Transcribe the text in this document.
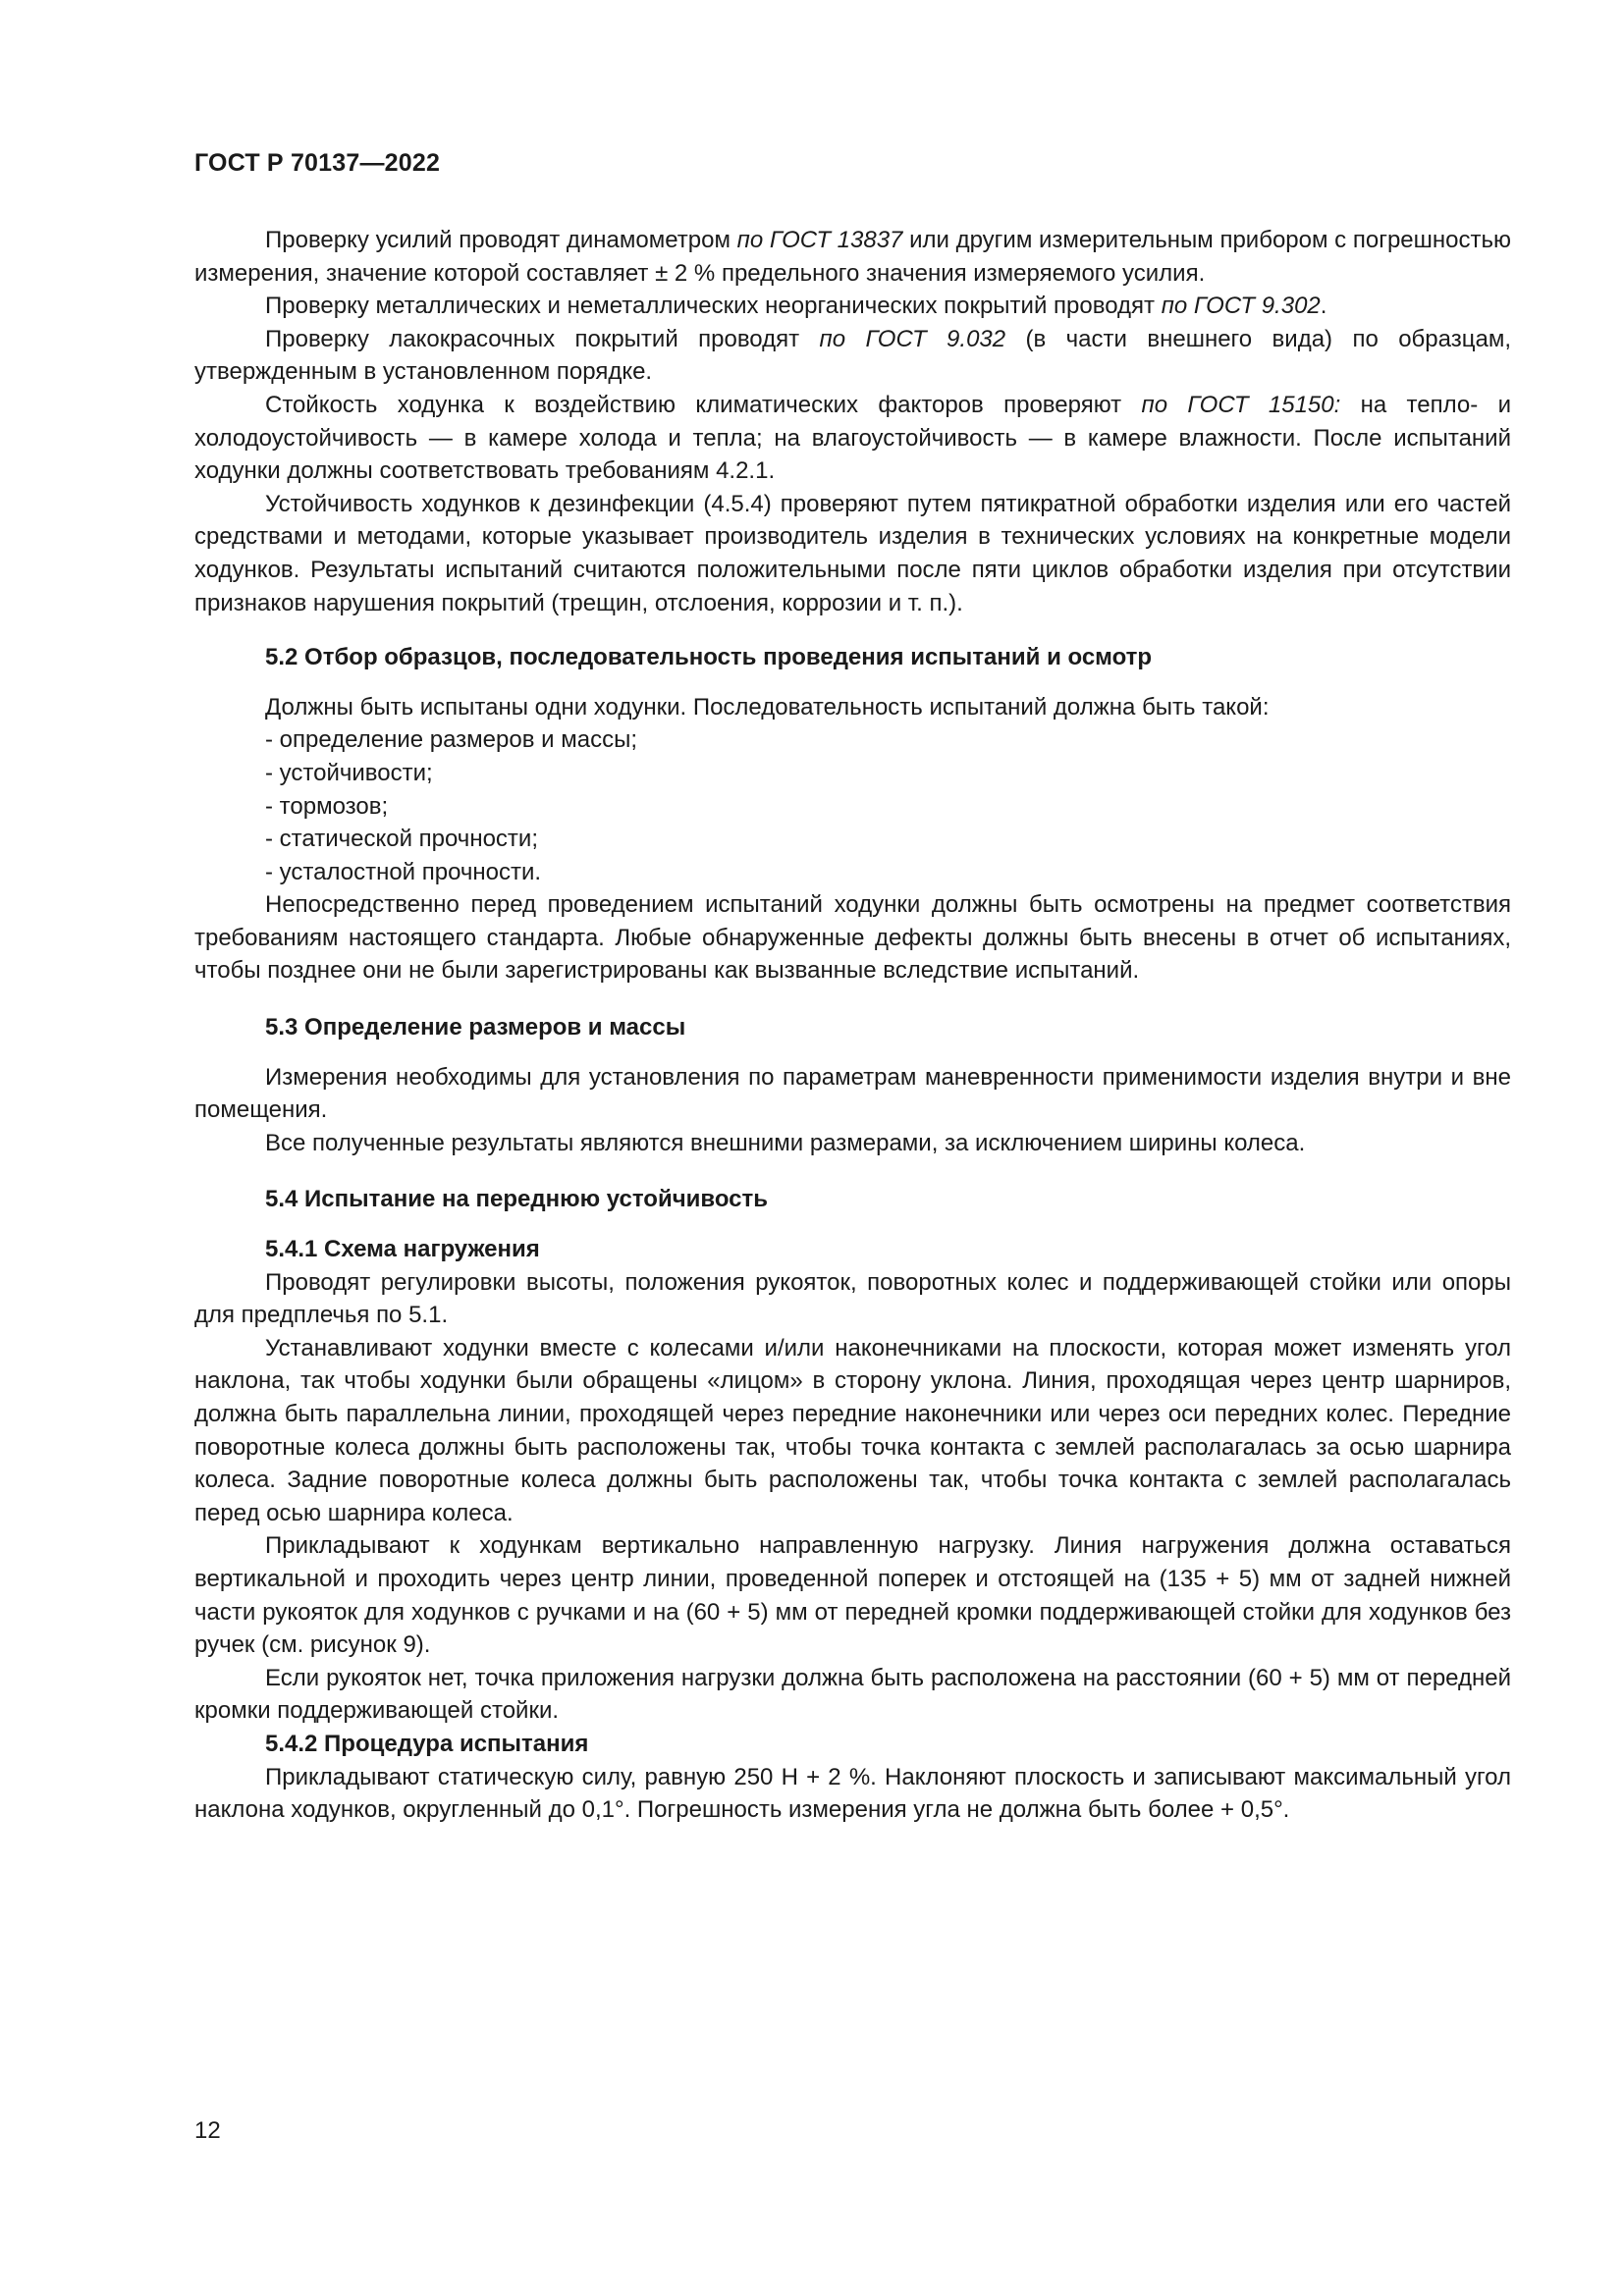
ГОСТ Р 70137—2022

Проверку усилий проводят динамометром по ГОСТ 13837 или другим измерительным прибором с погрешностью измерения, значение которой составляет ± 2 % предельного значения измеряемого усилия.

Проверку металлических и неметаллических неорганических покрытий проводят по ГОСТ 9.302.

Проверку лакокрасочных покрытий проводят по ГОСТ 9.032 (в части внешнего вида) по образцам, утвержденным в установленном порядке.

Стойкость ходунка к воздействию климатических факторов проверяют по ГОСТ 15150: на тепло- и холодоустойчивость — в камере холода и тепла; на влагоустойчивость — в камере влажности. После испытаний ходунки должны соответствовать требованиям 4.2.1.

Устойчивость ходунков к дезинфекции (4.5.4) проверяют путем пятикратной обработки изделия или его частей средствами и методами, которые указывает производитель изделия в технических условиях на конкретные модели ходунков. Результаты испытаний считаются положительными после пяти циклов обработки изделия при отсутствии признаков нарушения покрытий (трещин, отслоения, коррозии и т. п.).

5.2 Отбор образцов, последовательность проведения испытаний и осмотр

Должны быть испытаны одни ходунки. Последовательность испытаний должна быть такой:

- определение размеров и массы;
- устойчивости;
- тормозов;
- статической прочности;
- усталостной прочности.

Непосредственно перед проведением испытаний ходунки должны быть осмотрены на предмет соответствия требованиям настоящего стандарта. Любые обнаруженные дефекты должны быть внесены в отчет об испытаниях, чтобы позднее они не были зарегистрированы как вызванные вследствие испытаний.

5.3 Определение размеров и массы

Измерения необходимы для установления по параметрам маневренности применимости изделия внутри и вне помещения.

Все полученные результаты являются внешними размерами, за исключением ширины колеса.

5.4 Испытание на переднюю устойчивость
5.4.1 Схема нагружения

Проводят регулировки высоты, положения рукояток, поворотных колес и поддерживающей стойки или опоры для предплечья по 5.1.

Устанавливают ходунки вместе с колесами и/или наконечниками на плоскости, которая может изменять угол наклона, так чтобы ходунки были обращены «лицом» в сторону уклона. Линия, проходящая через центр шарниров, должна быть параллельна линии, проходящей через передние наконечники или через оси передних колес. Передние поворотные колеса должны быть расположены так, чтобы точка контакта с землей располагалась за осью шарнира колеса. Задние поворотные колеса должны быть расположены так, чтобы точка контакта с землей располагалась перед осью шарнира колеса.

Прикладывают к ходункам вертикально направленную нагрузку. Линия нагружения должна оставаться вертикальной и проходить через центр линии, проведенной поперек и отстоящей на (135 + 5) мм от задней нижней части рукояток для ходунков с ручками и на (60 + 5) мм от передней кромки поддерживающей стойки для ходунков без ручек (см. рисунок 9).

Если рукояток нет, точка приложения нагрузки должна быть расположена на расстоянии (60 + 5) мм от передней кромки поддерживающей стойки.

5.4.2 Процедура испытания

Прикладывают статическую силу, равную 250 Н + 2 %. Наклоняют плоскость и записывают максимальный угол наклона ходунков, округленный до 0,1°. Погрешность измерения угла не должна быть более + 0,5°.

12
